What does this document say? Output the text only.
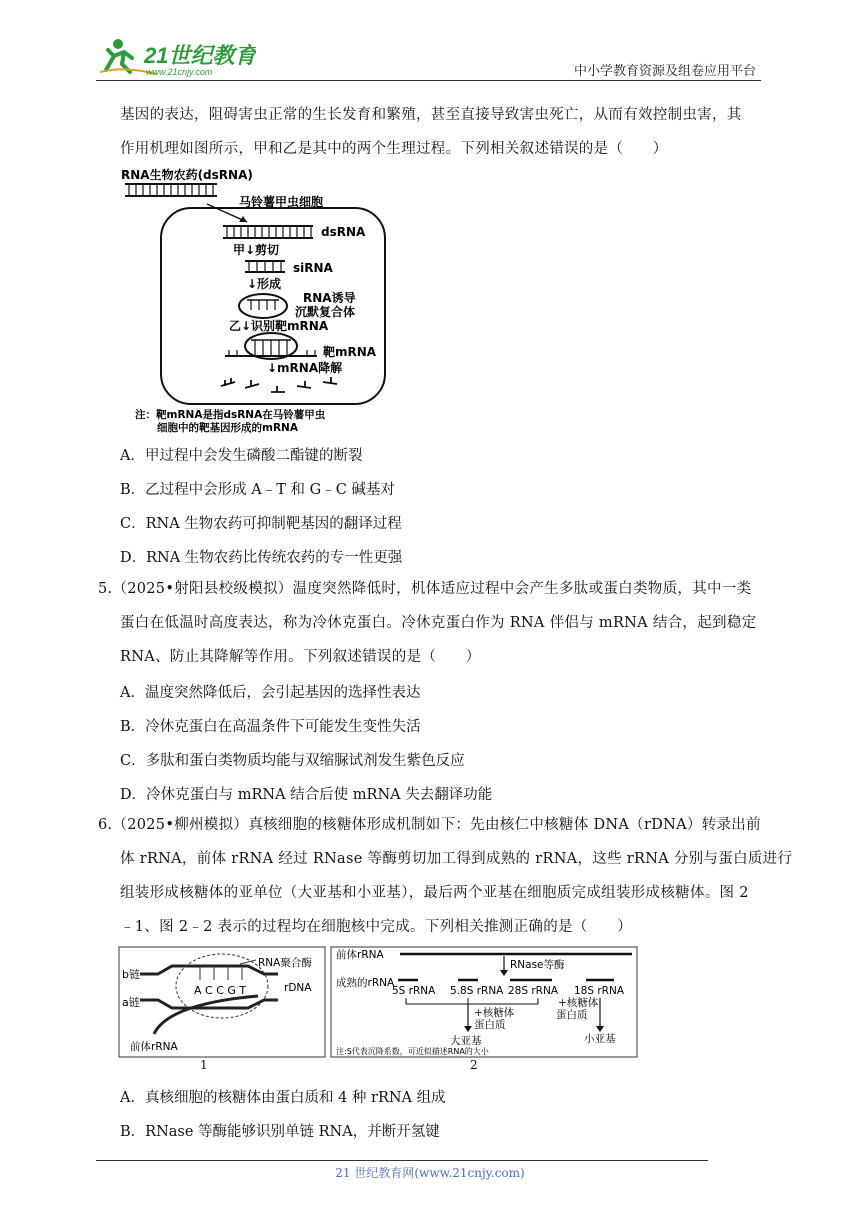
21世纪教育
www.21cnjy.com	中小学教育资源及组卷应用平台
基因的表达，阻碍害虫正常的生长发育和繁殖，甚至直接导致害虫死亡，从而有效控制虫害，其
作用机理如图所示，甲和乙是其中的两个生理过程。下列相关叙述错误的是（　　）
RNA生物农药(dsRNA)
马铃薯甲虫细胞
dsRNA
甲↓剪切
siRNA
↓形成
RNA诱导
沉默复合体
乙↓识别靶mRNA
靶mRNA
↓mRNA降解
注：靶mRNA是指dsRNA在马铃薯甲虫
细胞中的靶基因形成的mRNA
A．甲过程中会发生磷酸二酯键的断裂
B．乙过程中会形成 A﹣T 和 G﹣C 碱基对
C．RNA 生物农药可抑制靶基因的翻译过程
D．RNA 生物农药比传统农药的专一性更强
5.（2025•射阳县校级模拟）温度突然降低时，机体适应过程中会产生多肽或蛋白类物质，其中一类
蛋白在低温时高度表达，称为冷休克蛋白。冷休克蛋白作为 RNA 伴侣与 mRNA 结合，起到稳定
RNA、防止其降解等作用。下列叙述错误的是（　　）
A．温度突然降低后，会引起基因的选择性表达
B．冷休克蛋白在高温条件下可能发生变性失活
C．多肽和蛋白类物质均能与双缩脲试剂发生紫色反应
D．冷休克蛋白与 mRNA 结合后使 mRNA 失去翻译功能
6.（2025•柳州模拟）真核细胞的核糖体形成机制如下：先由核仁中核糖体 DNA（rDNA）转录出前
体 rRNA，前体 rRNA 经过 RNase 等酶剪切加工得到成熟的 rRNA，这些 rRNA 分别与蛋白质进行
组装形成核糖体的亚单位（大亚基和小亚基），最后两个亚基在细胞质完成组装形成核糖体。图 2
﹣1、图 2﹣2 表示的过程均在细胞核中完成。下列相关推测正确的是（　　）
b链
a链
A C C G T
RNA聚合酶
rDNA
前体rRNA
1
前体rRNA
RNase等酶
成熟的rRNA
5S rRNA 5.8S rRNA 28S rRNA 18S rRNA
+核糖体
蛋白质
大亚基
+核糖体
蛋白质
小亚基
注:S代表沉降系数，可近似描述RNA的大小
2
A．真核细胞的核糖体由蛋白质和 4 种 rRNA 组成
B．RNase 等酶能够识别单链 RNA，并断开氢键
21 世纪教育网(www.21cnjy.com)
